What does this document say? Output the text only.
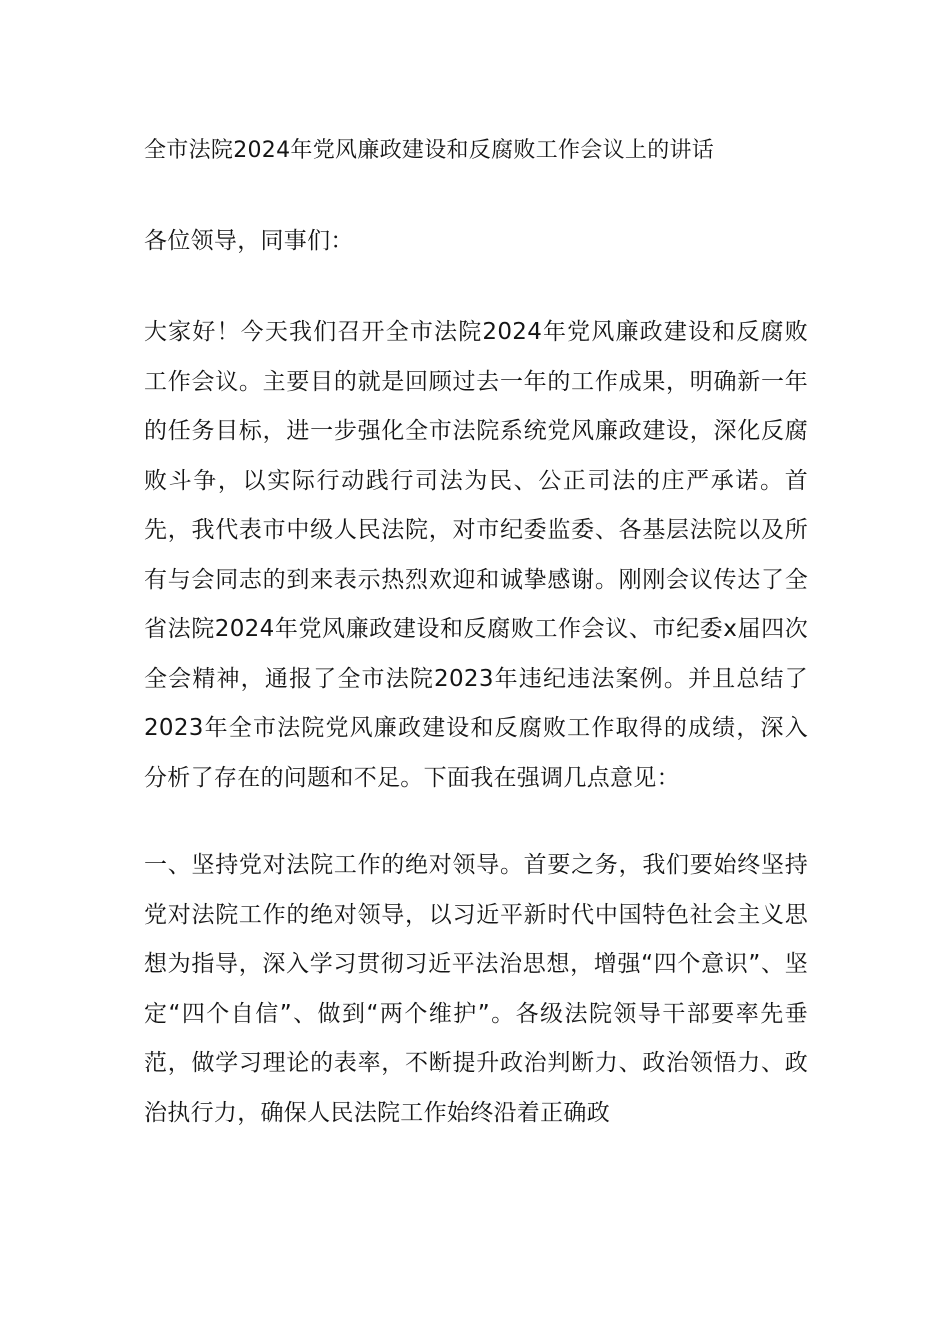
全市法院2024年党风廉政建设和反腐败工作会议上的讲话

各位领导，同事们：

大家好！今天我们召开全市法院2024年党风廉政建设和反腐败工作会议。主要目的就是回顾过去一年的工作成果，明确新一年的任务目标，进一步强化全市法院系统党风廉政建设，深化反腐败斗争，以实际行动践行司法为民、公正司法的庄严承诺。首先，我代表市中级人民法院，对市纪委监委、各基层法院以及所有与会同志的到来表示热烈欢迎和诚挚感谢。刚刚会议传达了全省法院2024年党风廉政建设和反腐败工作会议、市纪委x届四次全会精神，通报了全市法院2023年违纪违法案例。并且总结了2023年全市法院党风廉政建设和反腐败工作取得的成绩，深入分析了存在的问题和不足。下面我在强调几点意见：

一、坚持党对法院工作的绝对领导。首要之务，我们要始终坚持党对法院工作的绝对领导，以习近平新时代中国特色社会主义思想为指导，深入学习贯彻习近平法治思想，增强“四个意识”、坚定“四个自信”、做到“两个维护”。各级法院领导干部要率先垂范，做学习理论的表率，不断提升政治判断力、政治领悟力、政治执行力，确保人民法院工作始终沿着正确政
